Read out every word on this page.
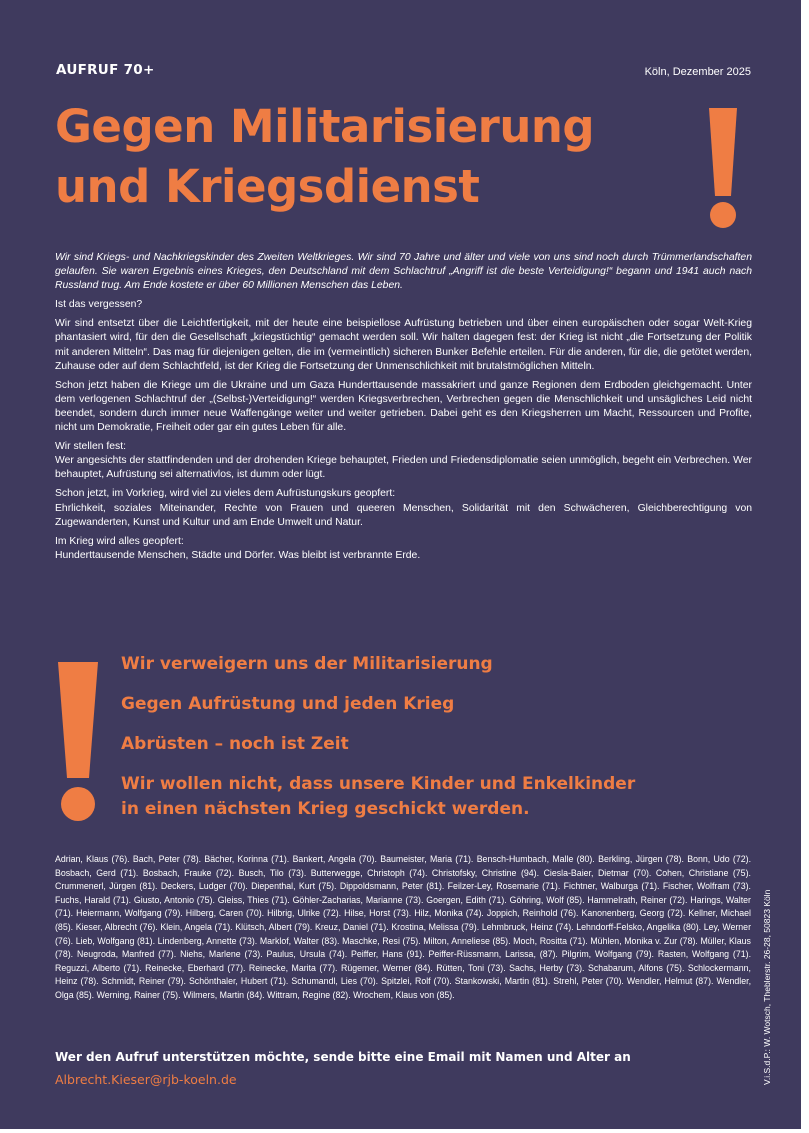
AUFRUF 70+	Köln, Dezember 2025
Gegen Militarisierung
und Kriegsdienst

Wir sind Kriegs- und Nachkriegskinder des Zweiten Weltkrieges. Wir sind 70 Jahre und älter und viele von uns sind noch durch Trümmerlandschaften gelaufen. Sie waren Ergebnis eines Krieges, den Deutschland mit dem Schlachtruf „Angriff ist die beste Verteidigung!“ begann und 1941 auch nach Russland trug. Am Ende kostete er über 60 Millionen Menschen das Leben.

Ist das vergessen?

Wir sind entsetzt über die Leichtfertigkeit, mit der heute eine beispiellose Aufrüstung betrieben und über einen europäischen oder sogar Welt-Krieg phantasiert wird, für den die Gesellschaft „kriegstüchtig“ gemacht werden soll. Wir halten dagegen fest: der Krieg ist nicht „die Fortsetzung der Politik mit anderen Mitteln“. Das mag für diejenigen gelten, die im (vermeintlich) sicheren Bunker Befehle erteilen. Für die anderen, für die, die getötet werden, Zuhause oder auf dem Schlachtfeld, ist der Krieg die Fortsetzung der Unmenschlichkeit mit brutalstmöglichen Mitteln.

Schon jetzt haben die Kriege um die Ukraine und um Gaza Hunderttausende massakriert und ganze Regionen dem Erdboden gleichgemacht. Unter dem verlogenen Schlachtruf der „(Selbst-)Verteidigung!“ werden Kriegsverbrechen, Verbrechen gegen die Menschlichkeit und unsägliches Leid nicht beendet, sondern durch immer neue Waffengänge weiter und weiter getrieben. Dabei geht es den Kriegsherren um Macht, Ressourcen und Profite, nicht um Demokratie, Freiheit oder gar ein gutes Leben für alle.

Wir stellen fest:

Wer angesichts der stattfindenden und der drohenden Kriege behauptet, Frieden und Friedensdiplomatie seien unmöglich, begeht ein Verbrechen. Wer behauptet, Aufrüstung sei alternativlos, ist dumm oder lügt.

Schon jetzt, im Vorkrieg, wird viel zu vieles dem Aufrüstungskurs geopfert:

Ehrlichkeit, soziales Miteinander, Rechte von Frauen und queeren Menschen, Solidarität mit den Schwächeren, Gleichberechtigung von Zugewanderten, Kunst und Kultur und am Ende Umwelt und Natur.

Im Krieg wird alles geopfert:

Hunderttausende Menschen, Städte und Dörfer. Was bleibt ist verbrannte Erde.

Wir verweigern uns der Militarisierung
Gegen Aufrüstung und jeden Krieg
Abrüsten – noch ist Zeit
Wir wollen nicht, dass unsere Kinder und Enkelkinder
in einen nächsten Krieg geschickt werden.
Adrian, Klaus (76). Bach, Peter (78). Bächer, Korinna (71). Bankert, Angela (70). Baumeister, Maria (71). Bensch-Humbach, Malle (80). Berkling, Jürgen (78). Bonn, Udo (72). Bosbach, Gerd (71). Bosbach, Frauke (72). Busch, Tilo (73). Butterwegge, Christoph (74). Christofsky, Christine (94). Ciesla-Baier, Dietmar (70). Cohen, Christiane (75). Crummenerl, Jürgen (81). Deckers, Ludger (70). Diepenthal, Kurt (75). Dippoldsmann, Peter (81). Feilzer-Ley, Rosemarie (71). Fichtner, Walburga (71). Fischer, Wolfram (73). Fuchs, Harald (71). Giusto, Antonio (75). Gleiss, Thies (71). Göhler-Zacharias, Marianne (73). Goergen, Edith (71). Göhring, Wolf (85). Hammelrath, Reiner (72). Harings, Walter (71). Heiermann, Wolfgang (79). Hilberg, Caren (70). Hilbrig, Ulrike (72). Hilse, Horst (73). Hilz, Monika (74). Joppich, Reinhold (76). Kanonenberg, Georg (72). Kellner, Michael (85). Kieser, Albrecht (76). Klein, Angela (71). Klütsch, Albert (79). Kreuz, Daniel (71). Krostina, Melissa (79). Lehmbruck, Heinz (74). Lehndorff-Felsko, Angelika (80). Ley, Werner (76). Lieb, Wolfgang (81). Lindenberg, Annette (73). Marklof, Walter (83). Maschke, Resi (75). Milton, Anneliese (85). Moch, Rositta (71). Mühlen, Monika v. Zur (78). Müller, Klaus (78). Neugroda, Manfred (77). Niehs, Marlene (73). Paulus, Ursula (74). Peiffer, Hans (91). Peiffer-Rüssmann, Larissa, (87). Pilgrim, Wolfgang (79). Rasten, Wolfgang (71). Reguzzi, Alberto (71). Reinecke, Eberhard (77). Reinecke, Marita (77). Rügemer, Werner (84). Rütten, Toni (73). Sachs, Herby (73). Schabarum, Alfons (75). Schlockermann, Heinz (78). Schmidt, Reiner (79). Schönthaler, Hubert (71). Schumandl, Lies (70). Spitzlei, Rolf (70). Stankowski, Martin (81). Strehl, Peter (70). Wendler, Helmut (87). Wendler, Olga (85). Werning, Rainer (75). Wilmers, Martin (84). Wittram, Regine (82). Wrochem, Klaus von (85).	V.i.S.d.P.: W. Wotsch, Theblerstr. 26-28, 50823 Köln
Wer den Aufruf unterstützen möchte, sende bitte eine Email mit Namen und Alter an
Albrecht.Kieser@rjb-koeln.de
